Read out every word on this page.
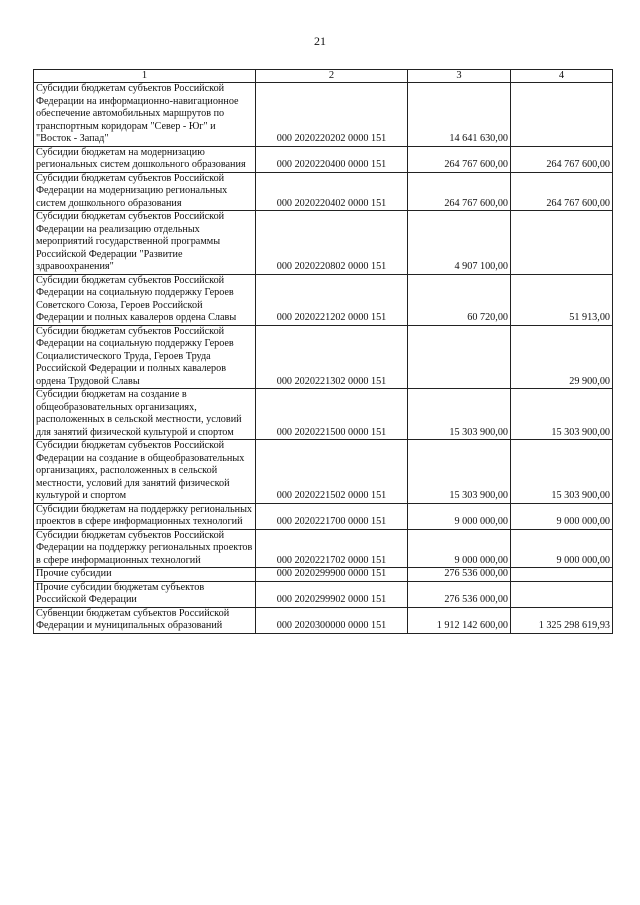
21
1	2	3	4
Субсидии бюджетам субъектов Российской Федерации на информационно-навигационное обеспечение автомобильных маршрутов по транспортным коридорам "Север - Юг" и "Восток - Запад"	000 2020220202 0000 151	14 641 630,00	
Субсидии бюджетам на модернизацию региональных систем дошкольного образования	000 2020220400 0000 151	264 767 600,00	264 767 600,00
Субсидии бюджетам субъектов Российской Федерации на модернизацию региональных систем дошкольного образования	000 2020220402 0000 151	264 767 600,00	264 767 600,00
Субсидии бюджетам субъектов Российской Федерации на реализацию отдельных мероприятий государственной программы Российской Федерации "Развитие здравоохранения"	000 2020220802 0000 151	4 907 100,00	
Субсидии бюджетам субъектов Российской Федерации на социальную поддержку Героев Советского Союза, Героев Российской Федерации и полных кавалеров ордена Славы	000 2020221202 0000 151	60 720,00	51 913,00
Субсидии бюджетам субъектов Российской Федерации на социальную поддержку Героев Социалистического Труда, Героев Труда Российской Федерации и полных кавалеров ордена Трудовой Славы	000 2020221302 0000 151		29 900,00
Субсидии бюджетам на создание в общеобразовательных организациях, расположенных в сельской местности, условий для занятий физической культурой и спортом	000 2020221500 0000 151	15 303 900,00	15 303 900,00
Субсидии бюджетам субъектов Российской Федерации на создание в общеобразовательных организациях, расположенных в сельской местности, условий для занятий физической культурой и спортом	000 2020221502 0000 151	15 303 900,00	15 303 900,00
Субсидии бюджетам на поддержку региональных проектов в сфере информационных технологий	000 2020221700 0000 151	9 000 000,00	9 000 000,00
Субсидии бюджетам субъектов Российской Федерации на поддержку региональных проектов в сфере информационных технологий	000 2020221702 0000 151	9 000 000,00	9 000 000,00
Прочие субсидии	000 2020299900 0000 151	276 536 000,00	
Прочие субсидии бюджетам субъектов Российской Федерации	000 2020299902 0000 151	276 536 000,00	
Субвенции бюджетам субъектов Российской Федерации и муниципальных образований	000 2020300000 0000 151	1 912 142 600,00	1 325 298 619,93
